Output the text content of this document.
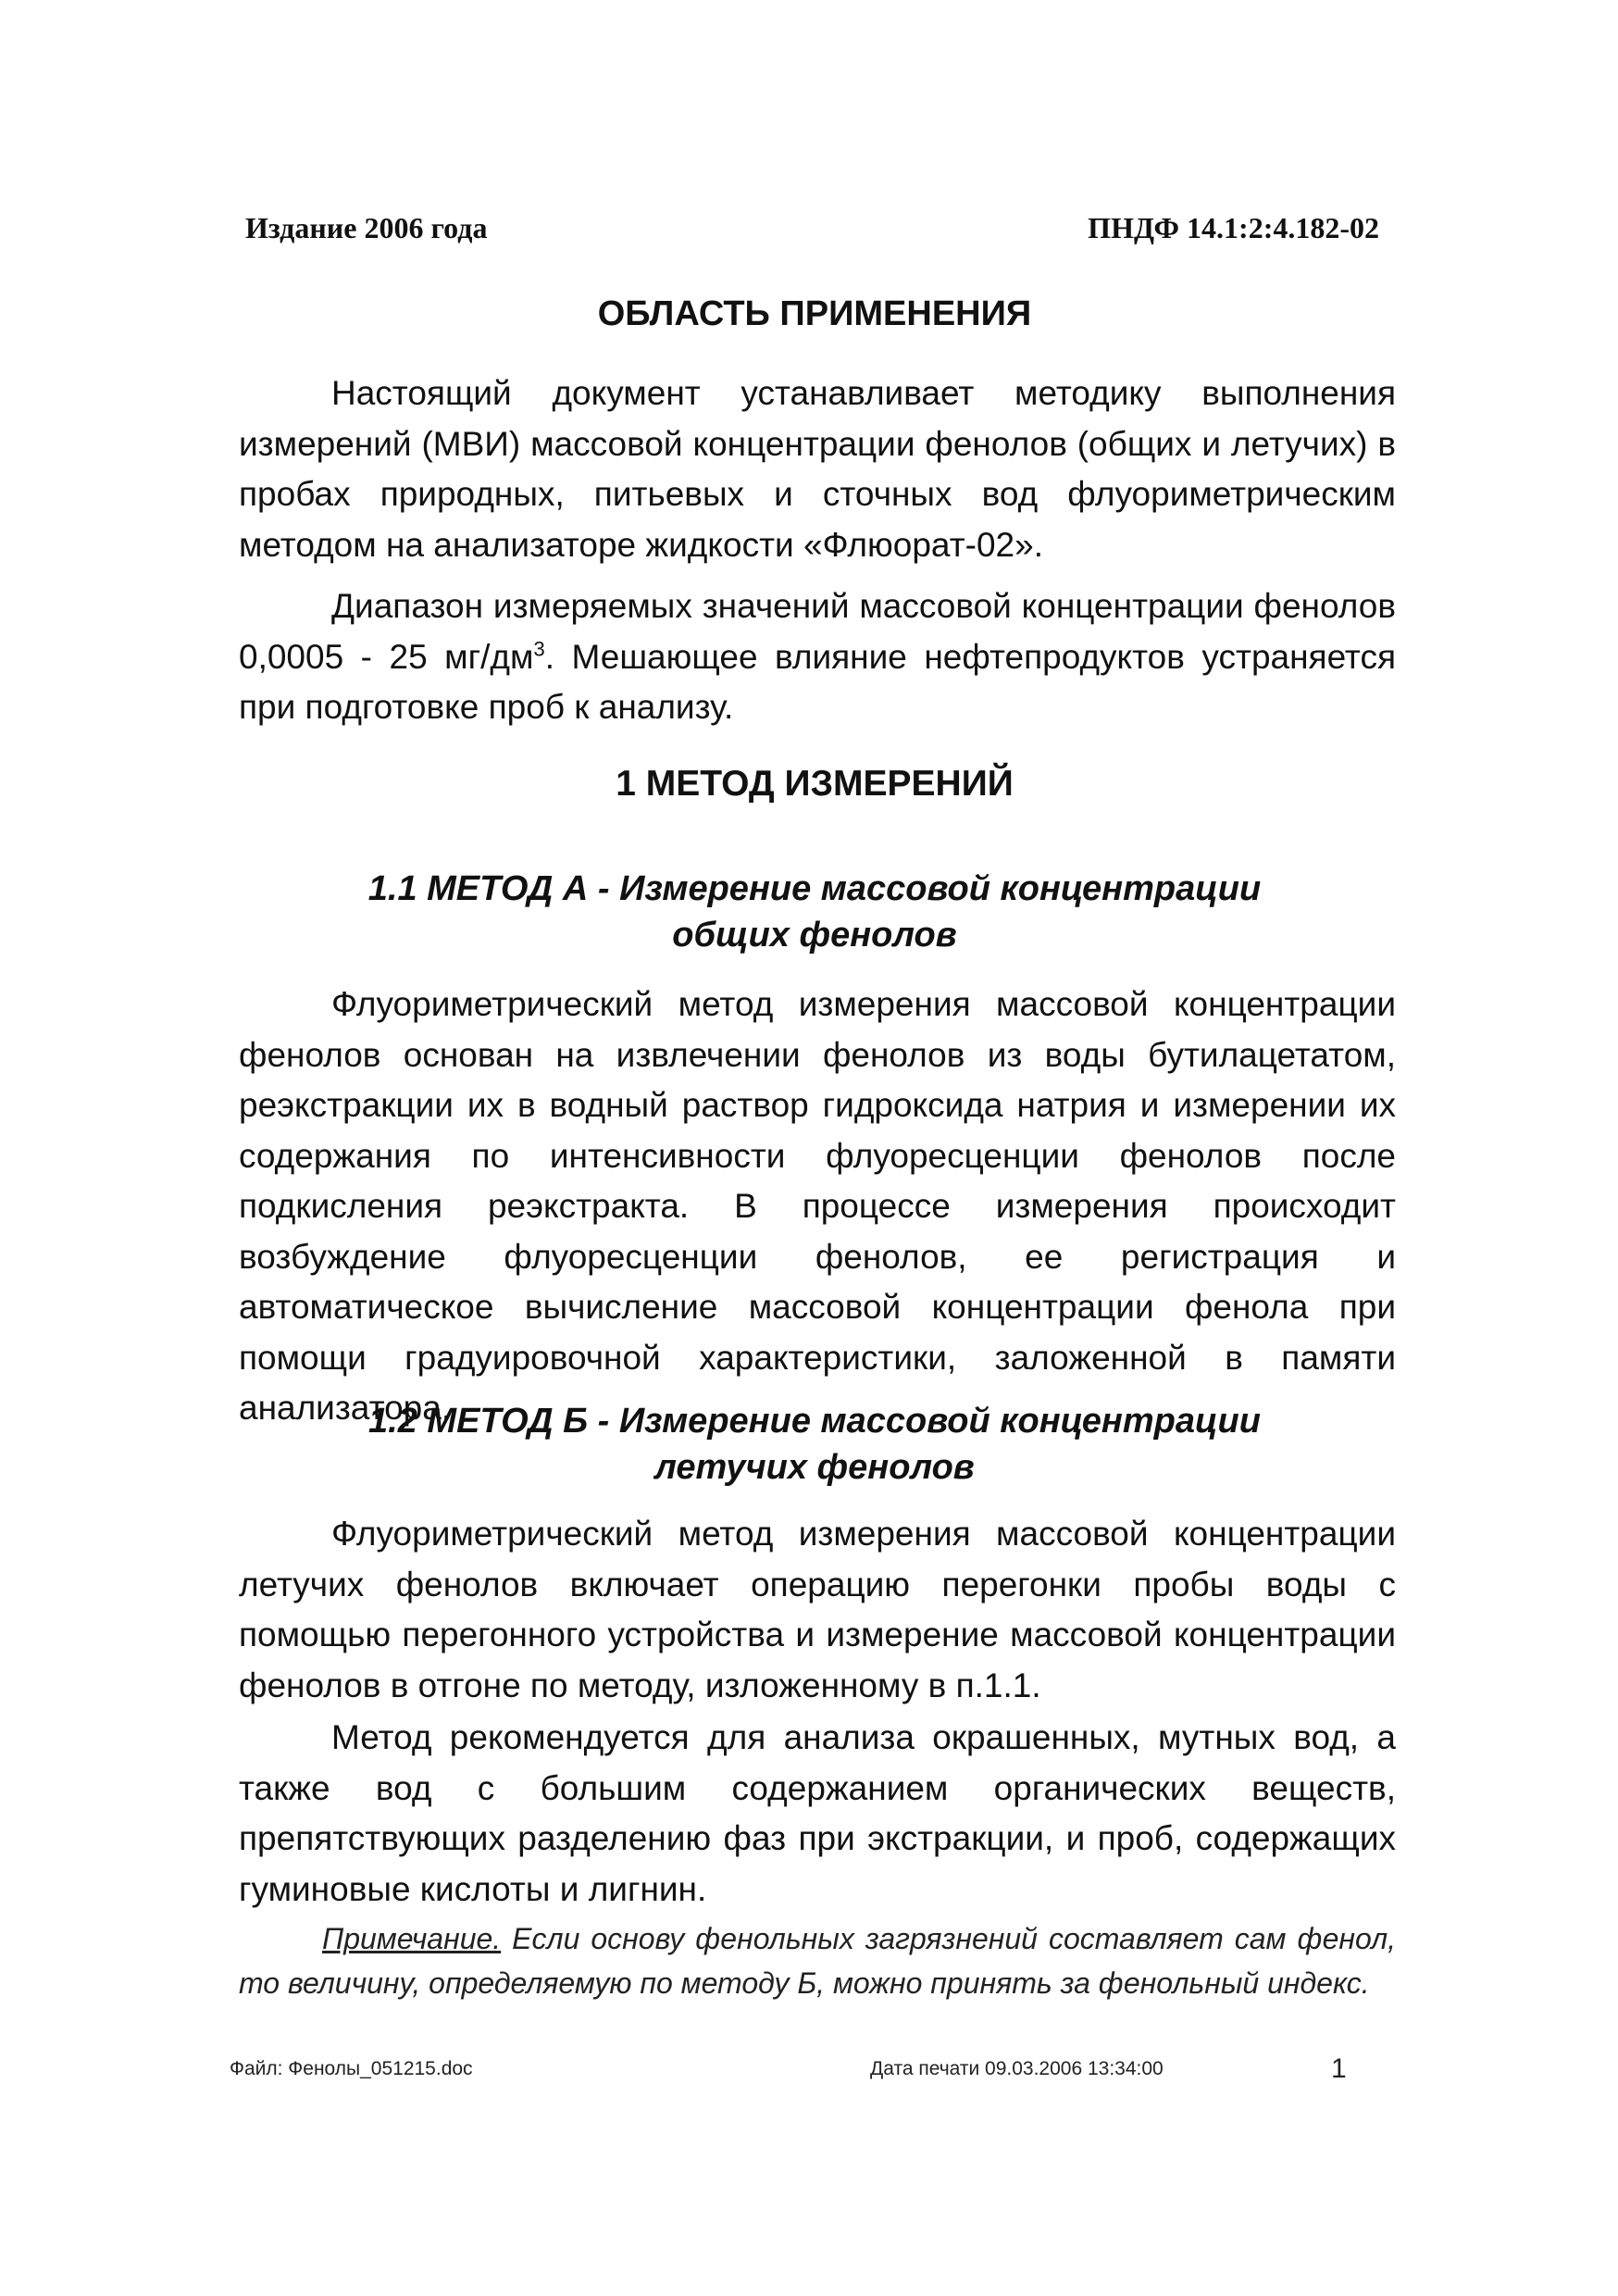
Издание 2006 года	ПНДФ 14.1:2:4.182-02
ОБЛАСТЬ ПРИМЕНЕНИЯ
Настоящий документ устанавливает методику выполнения измерений (МВИ) массовой концентрации фенолов (общих и летучих) в пробах природных, питьевых и сточных вод флуориметрическим методом на анализаторе жидкости «Флюорат-02».
Диапазон измеряемых значений массовой концентрации фенолов 0,0005 - 25 $мг/дм^3$. Мешающее влияние нефтепродуктов устраняется при подготовке проб к анализу.
1 МЕТОД ИЗМЕРЕНИЙ
1.1 МЕТОД А - Измерение массовой концентрации
общих фенолов
Флуориметрический метод измерения массовой концентрации фенолов основан на извлечении фенолов из воды бутилацетатом, реэкстракции их в водный раствор гидроксида натрия и измерении их содержания по интенсивности флуоресценции фенолов после подкисления реэкстракта. В процессе измерения происходит возбуждение флуоресценции фенолов, ее регистрация и автоматическое вычисление массовой концентрации фенола при помощи градуировочной характеристики, заложенной в памяти анализатора.
1.2 МЕТОД Б - Измерение массовой концентрации
летучих фенолов
Флуориметрический метод измерения массовой концентрации летучих фенолов включает операцию перегонки пробы воды с помощью перегонного устройства и измерение массовой концентрации фенолов в отгоне по методу, изложенному в п.1.1.
Метод рекомендуется для анализа окрашенных, мутных вод, а также вод с большим содержанием органических веществ, препятствующих разделению фаз при экстракции, и проб, содержащих гуминовые кислоты и лигнин.
Примечание. Если основу фенольных загрязнений составляет сам фенол, то величину, определяемую по методу Б, можно принять за фенольный индекс.
Файл: Фенолы_051215.doc	Дата печати 09.03.2006 13:34:00	1
